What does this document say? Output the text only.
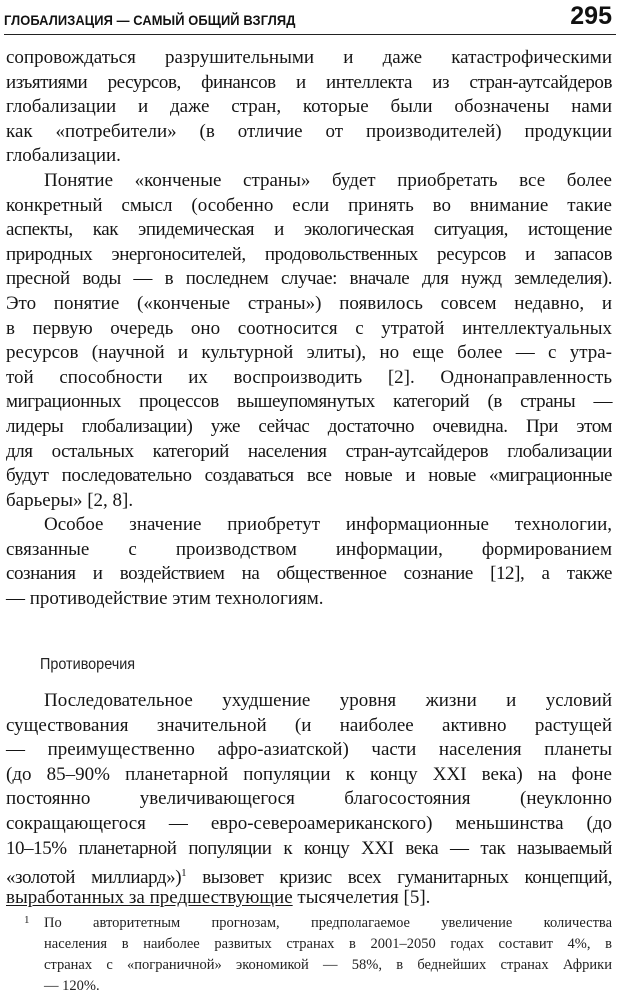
ГЛОБАЛИЗАЦИЯ — САМЫЙ ОБЩИЙ ВЗГЛЯД	295
сопровождаться разрушительными и даже катастрофическими
изъятиями ресурсов, финансов и интеллекта из стран-аутсайдеров
глобализации и даже стран, которые были обозначены нами
как «потребители» (в отличие от производителей) продукции
глобализации.
Понятие «конченые страны» будет приобретать все более
конкретный смысл (особенно если принять во внимание такие
аспекты, как эпидемическая и экологическая ситуация, истощение
природных энергоносителей, продовольственных ресурсов и запасов
пресной воды — в последнем случае: вначале для нужд земледелия).
Это понятие («конченые страны») появилось совсем недавно, и
в первую очередь оно соотносится с утратой интеллектуальных
ресурсов (научной и культурной элиты), но еще более — с утра-
той способности их воспроизводить [2]. Однонаправленность
миграционных процессов вышеупомянутых категорий (в страны —
лидеры глобализации) уже сейчас достаточно очевидна. При этом
для остальных категорий населения стран-аутсайдеров глобализации
будут последовательно создаваться все новые и новые «миграционные
барьеры» [2, 8].
Особое значение приобретут информационные технологии,
связанные с производством информации, формированием
сознания и воздействием на общественное сознание [12], а также
— противодействие этим технологиям.
Противоречия
Последовательное ухудшение уровня жизни и условий
существования значительной (и наиболее активно растущей
— преимущественно афро-азиатской) части населения планеты
(до 85–90% планетарной популяции к концу XXI века) на фоне
постоянно увеличивающегося благосостояния (неуклонно
сокращающегося — евро-североамериканского) меньшинства (до
10–15% планетарной популяции к концу XXI века — так называемый
«золотой миллиард»)$^1$ вызовет кризис всех гуманитарных концепций,
выработанных за предшествующие тысячелетия [5].
1	По авторитетным прогнозам, предполагаемое увеличение количества
населения в наиболее развитых странах в 2001–2050 годах составит 4%, в
странах с «пограничной» экономикой — 58%, в беднейших странах Африки
— 120%.
